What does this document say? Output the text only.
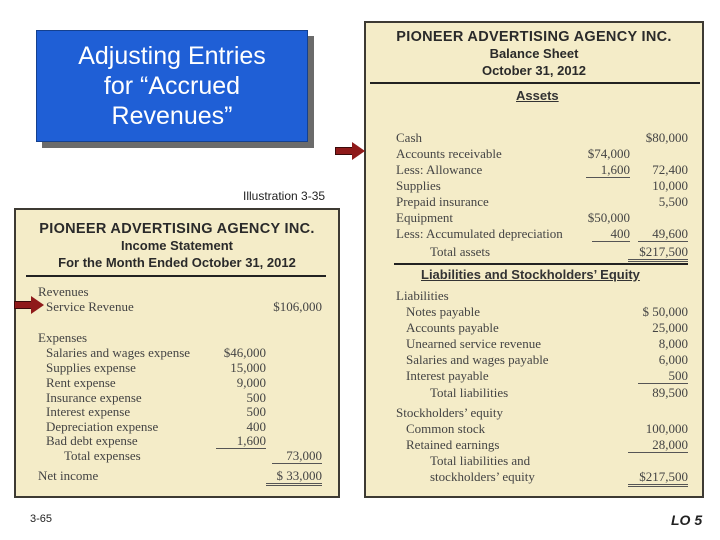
Adjusting Entries
for “Accrued
Revenues”
Illustration 3-35
PIONEER ADVERTISING AGENCY INC.
Income Statement
For the Month Ended October 31, 2012
Revenues
Service Revenue	$106,000
Expenses
Salaries and wages expense	$46,000
Supplies expense	15,000
Rent expense	9,000
Insurance expense	500
Interest expense	500
Depreciation expense	400
Bad debt expense	1,600
Total expenses	73,000
Net income	$ 33,000
PIONEER ADVERTISING AGENCY INC.
Balance Sheet
October 31, 2012
Assets
Cash	$80,000
Accounts receivable	$74,000
Less: Allowance	1,600	72,400
Supplies	10,000
Prepaid insurance	5,500
Equipment	$50,000
Less: Accumulated depreciation	400	49,600
Total assets	$217,500
Liabilities and Stockholders’ Equity
Liabilities
Notes payable	$ 50,000
Accounts payable	25,000
Unearned service revenue	8,000
Salaries and wages payable	6,000
Interest payable	500
Total liabilities	89,500
Stockholders’ equity
Common stock	100,000
Retained earnings	28,000
Total liabilities and
stockholders’ equity	$217,500
3-65	LO 5
